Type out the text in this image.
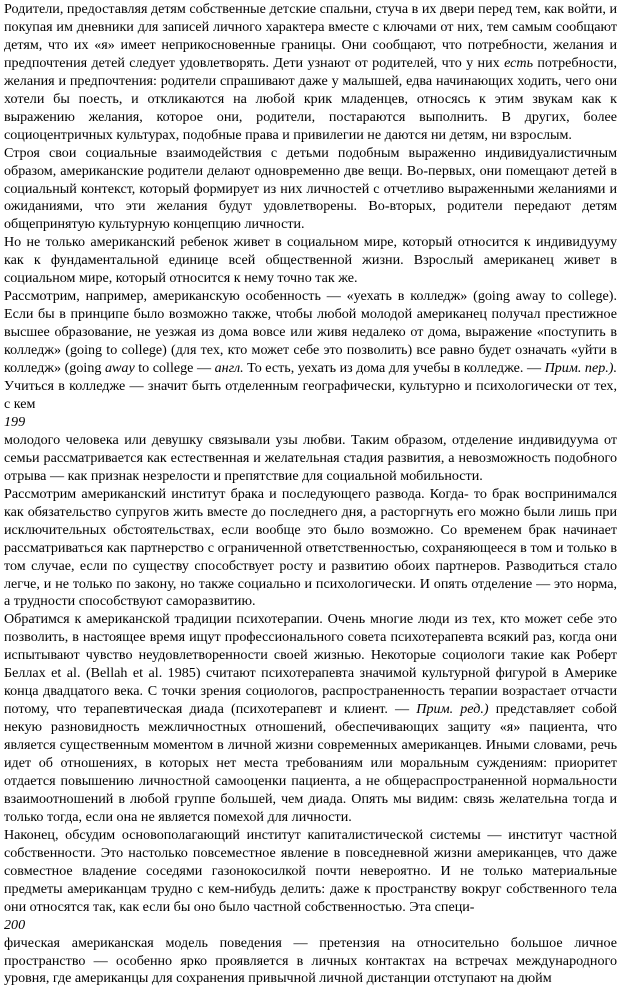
Родители, предоставляя детям собственные детские спальни, стуча в их двери перед тем, как войти, и покупая им дневники для записей личного характера вместе с ключами от них, тем самым сообщают детям, что их «я» имеет неприкосновенные границы. Они сообщают, что потребности, желания и предпочтения детей следует удовлетворять. Дети узнают от родителей, что у них есть потребности, желания и предпочтения: родители спрашивают даже у малышей, едва начинающих ходить, чего они хотели бы поесть, и откликаются на любой крик младенцев, относясь к этим звукам как к выражению желания, которое они, родители, постараются выполнить. В других, более социоцентричных культурах, подобные права и привилегии не даются ни детям, ни взрослым.

Строя свои социальные взаимодействия с детьми подобным выраженно индивидуалистичным образом, американские родители делают одновременно две вещи. Во-первых, они помещают детей в социальный контекст, который формирует из них личностей с отчетливо выраженными желаниями и ожиданиями, что эти желания будут удовлетворены. Во-вторых, родители передают детям общепринятую культурную концепцию личности.

Но не только американский ребенок живет в социальном мире, который относится к индивидууму как к фундаментальной единице всей общественной жизни. Взрослый американец живет в социальном мире, который относится к нему точно так же.

Рассмотрим, например, американскую особенность — «уехать в колледж» (going away to college). Если бы в принципе было возможно также, чтобы любой молодой американец получал престижное высшее образование, не уезжая из дома вовсе или живя недалеко от дома, выражение «поступить в колледж» (going to college) (для тех, кто может себе это позволить) все равно будет означать «уйти в колледж» (going away to college — англ. То есть, уехать из дома для учебы в колледже. — Прим. пер.). Учиться в колледже — значит быть отделенным географически, культурно и психологически от тех, с кем

199

молодого человека или девушку связывали узы любви. Таким образом, отделение индивидуума от семьи рассматривается как естественная и желательная стадия развития, а невозможность подобного отрыва — как признак незрелости и препятствие для социальной мобильности.

Рассмотрим американский институт брака и последующего развода. Когда- то брак воспринимался как обязательство супругов жить вместе до последнего дня, а расторгнуть его можно были лишь при исключительных обстоятельствах, если вообще это было возможно. Со временем брак начинает рассматриваться как партнерство с ограниченной ответственностью, сохраняющееся в том и только в том случае, если по существу способствует росту и развитию обоих партнеров. Разводиться стало легче, и не только по закону, но также социально и психологически. И опять отделение — это норма, а трудности способствуют саморазвитию.

Обратимся к американской традиции психотерапии. Очень многие люди из тех, кто может себе это позволить, в настоящее время ищут профессионального совета психотерапевта всякий раз, когда они испытывают чувство неудовлетворенности своей жизнью. Некоторые социологи такие как Роберт Беллах et al. (Bellah et al. 1985) считают психотерапевта значимой культурной фигурой в Америке конца двадцатого века. С точки зрения социологов, распространенность терапии возрастает отчасти потому, что терапевтическая диада (психотерапевт и клиент. — Прим. ред.) представляет собой некую разновидность межличностных отношений, обеспечивающих защиту «я» пациента, что является существенным моментом в личной жизни современных американцев. Иными словами, речь идет об отношениях, в которых нет места требованиям или моральным суждениям: приоритет отдается повышению личностной самооценки пациента, а не общераспространенной нормальности взаимоотношений в любой группе большей, чем диада. Опять мы видим: связь желательна тогда и только тогда, если она не является помехой для личности.

Наконец, обсудим основополагающий институт капиталистической системы — институт частной собственности. Это настолько повсеместное явление в повседневной жизни американцев, что даже совместное владение соседями газонокосилкой почти невероятно. И не только материальные предметы американцам трудно с кем-нибудь делить: даже к пространству вокруг собственного тела они относятся так, как если бы оно было частной собственностью. Эта специ-

200

фическая американская модель поведения — претензия на относительно большое личное пространство — особенно ярко проявляется в личных контактах на встречах международного уровня, где американцы для сохранения привычной личной дистанции отступают на дюйм
